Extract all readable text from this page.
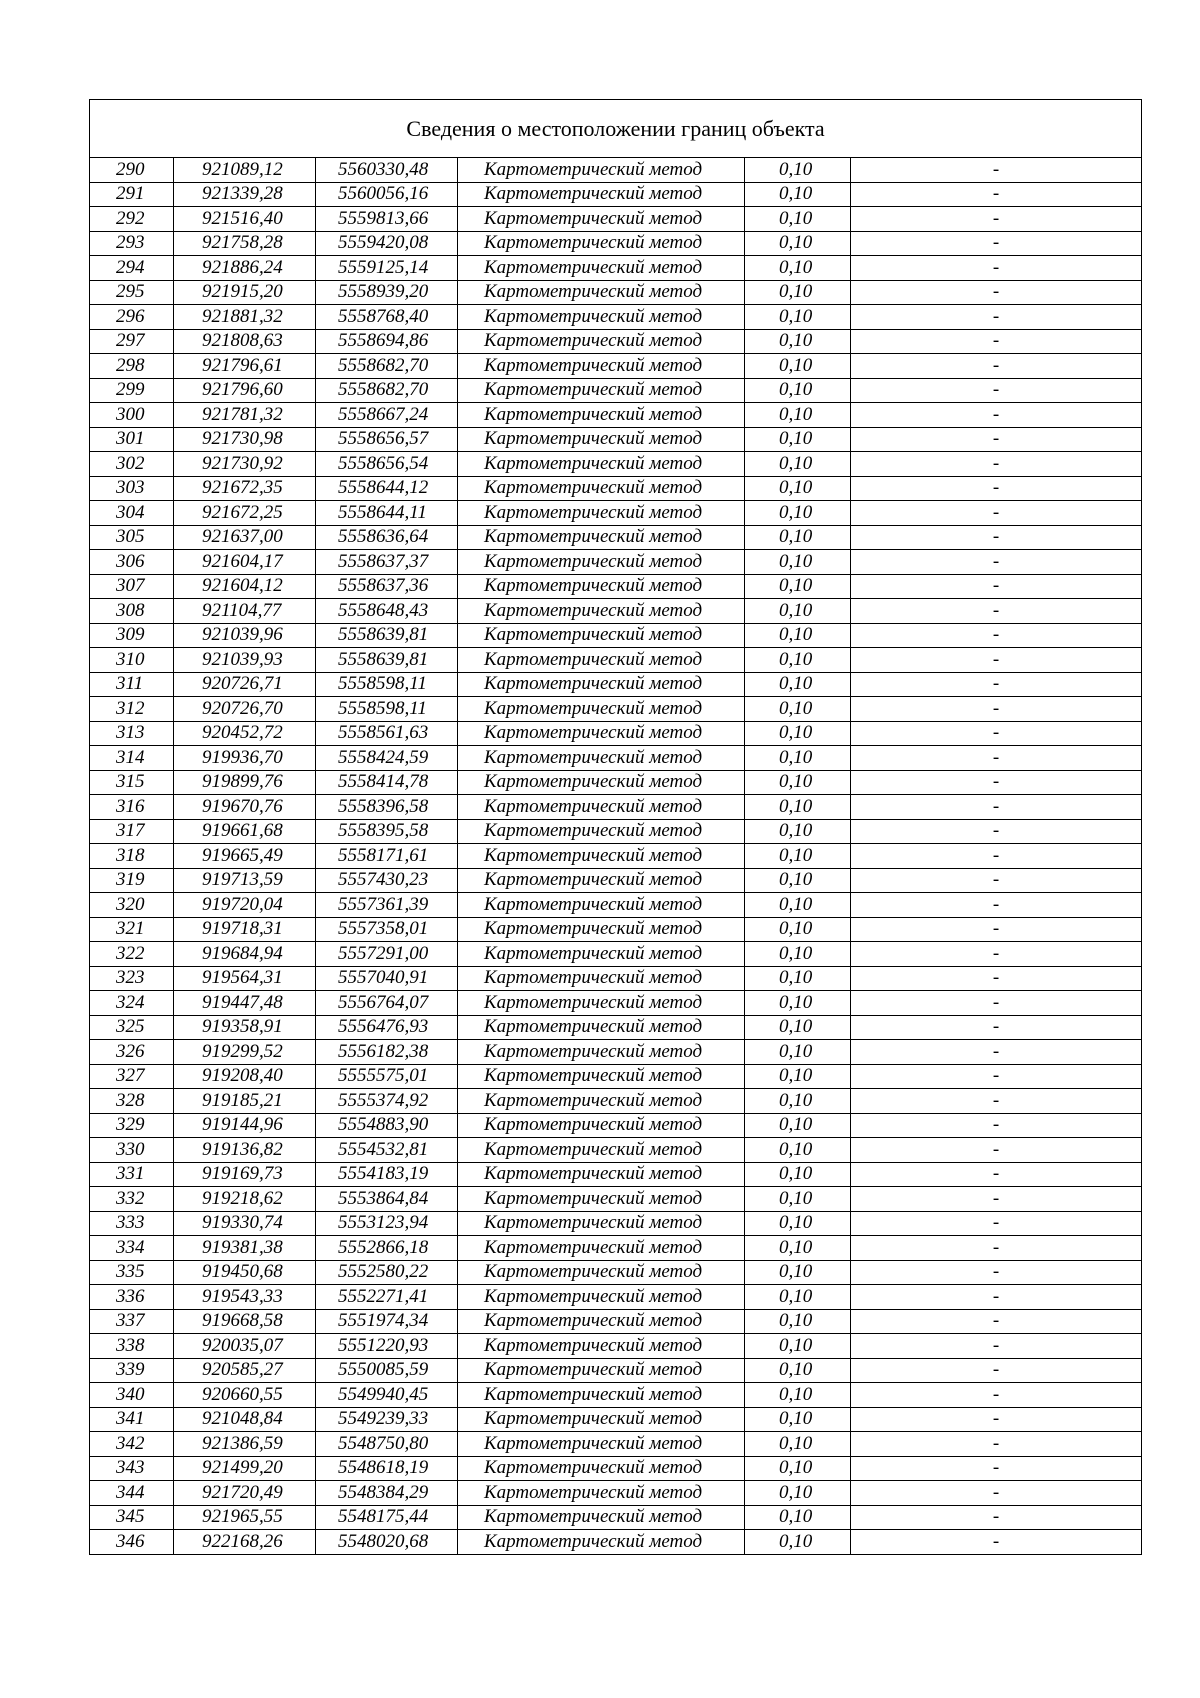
Сведения о местоположении границ объекта					
290	921089,12	5560330,48	Картометрический метод	0,10	-
291	921339,28	5560056,16	Картометрический метод	0,10	-
292	921516,40	5559813,66	Картометрический метод	0,10	-
293	921758,28	5559420,08	Картометрический метод	0,10	-
294	921886,24	5559125,14	Картометрический метод	0,10	-
295	921915,20	5558939,20	Картометрический метод	0,10	-
296	921881,32	5558768,40	Картометрический метод	0,10	-
297	921808,63	5558694,86	Картометрический метод	0,10	-
298	921796,61	5558682,70	Картометрический метод	0,10	-
299	921796,60	5558682,70	Картометрический метод	0,10	-
300	921781,32	5558667,24	Картометрический метод	0,10	-
301	921730,98	5558656,57	Картометрический метод	0,10	-
302	921730,92	5558656,54	Картометрический метод	0,10	-
303	921672,35	5558644,12	Картометрический метод	0,10	-
304	921672,25	5558644,11	Картометрический метод	0,10	-
305	921637,00	5558636,64	Картометрический метод	0,10	-
306	921604,17	5558637,37	Картометрический метод	0,10	-
307	921604,12	5558637,36	Картометрический метод	0,10	-
308	921104,77	5558648,43	Картометрический метод	0,10	-
309	921039,96	5558639,81	Картометрический метод	0,10	-
310	921039,93	5558639,81	Картометрический метод	0,10	-
311	920726,71	5558598,11	Картометрический метод	0,10	-
312	920726,70	5558598,11	Картометрический метод	0,10	-
313	920452,72	5558561,63	Картометрический метод	0,10	-
314	919936,70	5558424,59	Картометрический метод	0,10	-
315	919899,76	5558414,78	Картометрический метод	0,10	-
316	919670,76	5558396,58	Картометрический метод	0,10	-
317	919661,68	5558395,58	Картометрический метод	0,10	-
318	919665,49	5558171,61	Картометрический метод	0,10	-
319	919713,59	5557430,23	Картометрический метод	0,10	-
320	919720,04	5557361,39	Картометрический метод	0,10	-
321	919718,31	5557358,01	Картометрический метод	0,10	-
322	919684,94	5557291,00	Картометрический метод	0,10	-
323	919564,31	5557040,91	Картометрический метод	0,10	-
324	919447,48	5556764,07	Картометрический метод	0,10	-
325	919358,91	5556476,93	Картометрический метод	0,10	-
326	919299,52	5556182,38	Картометрический метод	0,10	-
327	919208,40	5555575,01	Картометрический метод	0,10	-
328	919185,21	5555374,92	Картометрический метод	0,10	-
329	919144,96	5554883,90	Картометрический метод	0,10	-
330	919136,82	5554532,81	Картометрический метод	0,10	-
331	919169,73	5554183,19	Картометрический метод	0,10	-
332	919218,62	5553864,84	Картометрический метод	0,10	-
333	919330,74	5553123,94	Картометрический метод	0,10	-
334	919381,38	5552866,18	Картометрический метод	0,10	-
335	919450,68	5552580,22	Картометрический метод	0,10	-
336	919543,33	5552271,41	Картометрический метод	0,10	-
337	919668,58	5551974,34	Картометрический метод	0,10	-
338	920035,07	5551220,93	Картометрический метод	0,10	-
339	920585,27	5550085,59	Картометрический метод	0,10	-
340	920660,55	5549940,45	Картометрический метод	0,10	-
341	921048,84	5549239,33	Картометрический метод	0,10	-
342	921386,59	5548750,80	Картометрический метод	0,10	-
343	921499,20	5548618,19	Картометрический метод	0,10	-
344	921720,49	5548384,29	Картометрический метод	0,10	-
345	921965,55	5548175,44	Картометрический метод	0,10	-
346	922168,26	5548020,68	Картометрический метод	0,10	-
